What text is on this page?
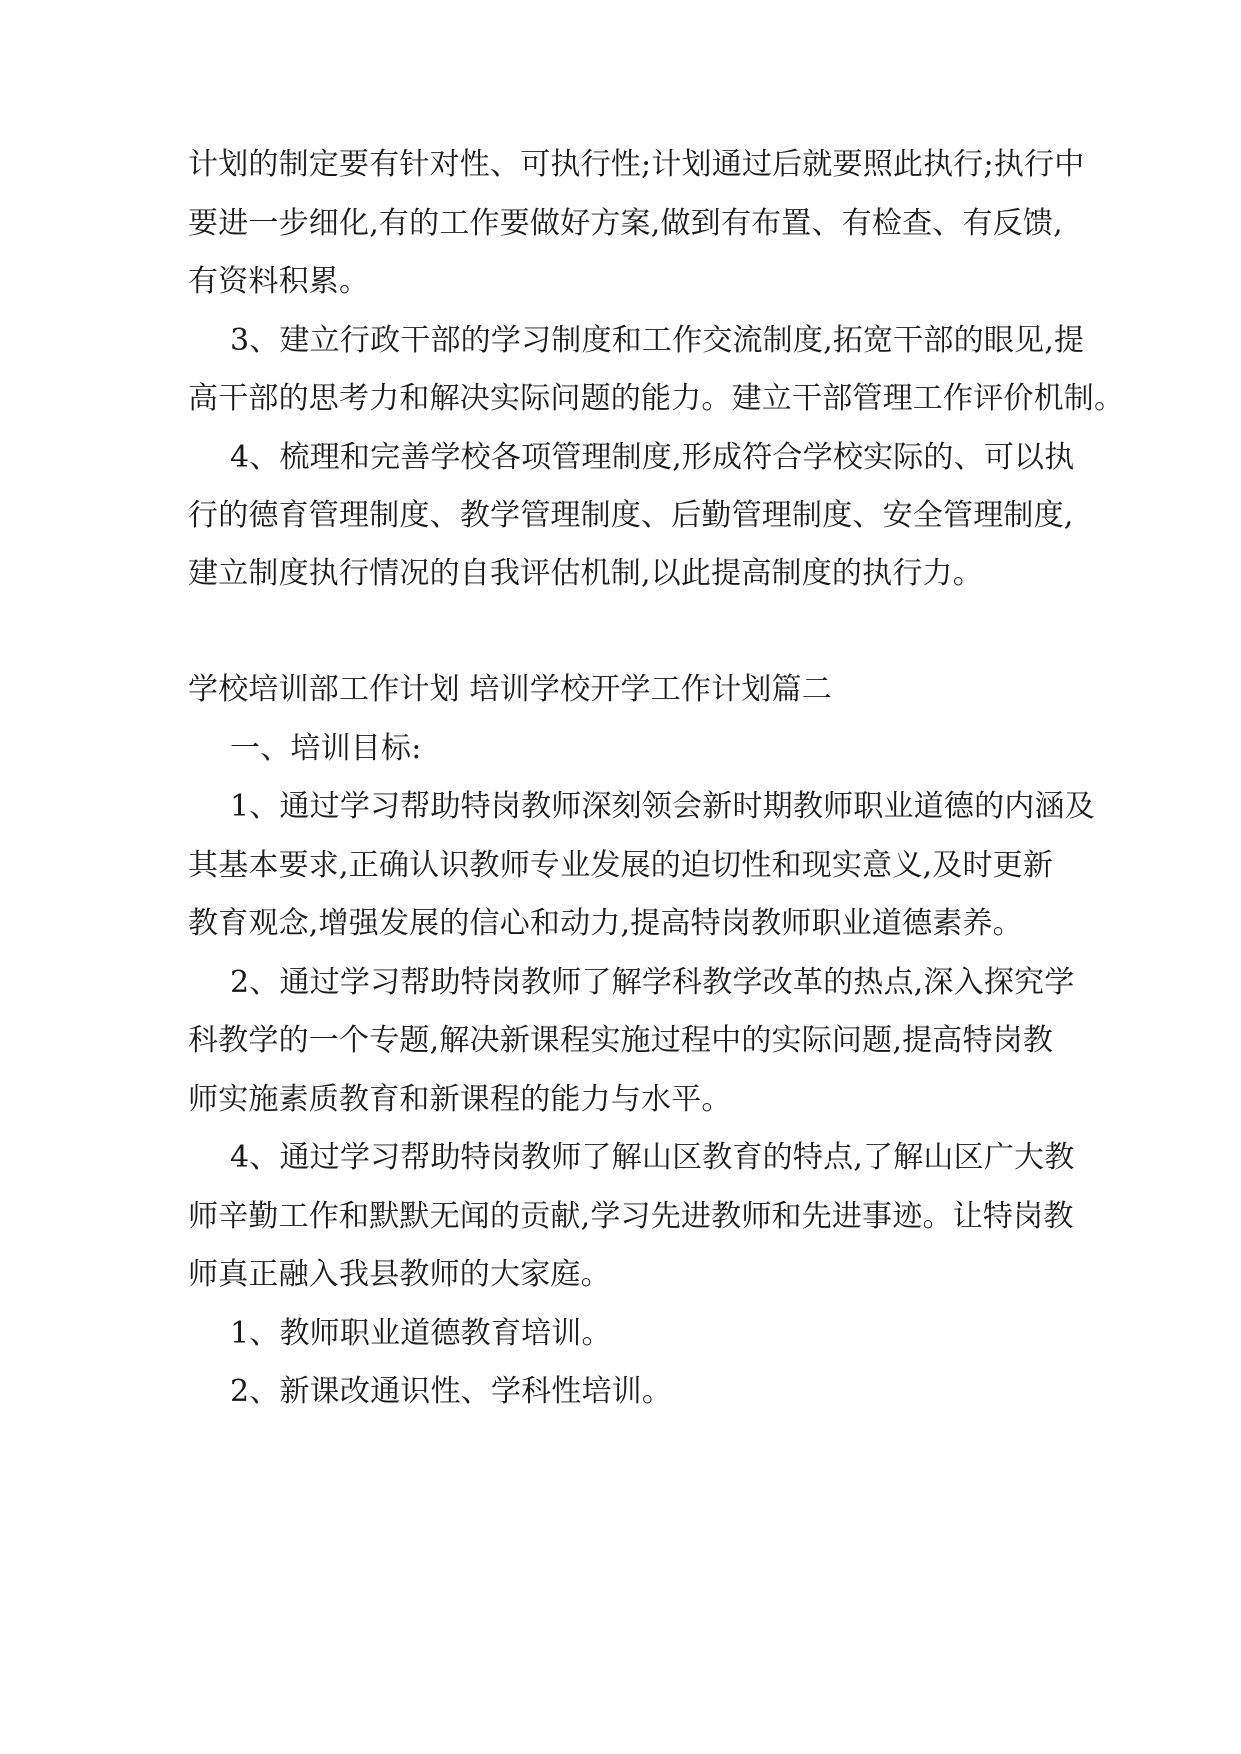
计划的制定要有针对性、可执行性;计划通过后就要照此执行;执行中
要进一步细化,有的工作要做好方案,做到有布置、有检查、有反馈,
有资料积累。
3、建立行政干部的学习制度和工作交流制度,拓宽干部的眼见,提
高干部的思考力和解决实际问题的能力。建立干部管理工作评价机制。
4、梳理和完善学校各项管理制度,形成符合学校实际的、可以执
行的德育管理制度、教学管理制度、后勤管理制度、安全管理制度,
建立制度执行情况的自我评估机制,以此提高制度的执行力。
学校培训部工作计划 培训学校开学工作计划篇二
一、培训目标:
1、通过学习帮助特岗教师深刻领会新时期教师职业道德的内涵及
其基本要求,正确认识教师专业发展的迫切性和现实意义,及时更新
教育观念,增强发展的信心和动力,提高特岗教师职业道德素养。
2、通过学习帮助特岗教师了解学科教学改革的热点,深入探究学
科教学的一个专题,解决新课程实施过程中的实际问题,提高特岗教
师实施素质教育和新课程的能力与水平。
4、通过学习帮助特岗教师了解山区教育的特点,了解山区广大教
师辛勤工作和默默无闻的贡献,学习先进教师和先进事迹。让特岗教
师真正融入我县教师的大家庭。
1、教师职业道德教育培训。
2、新课改通识性、学科性培训。
